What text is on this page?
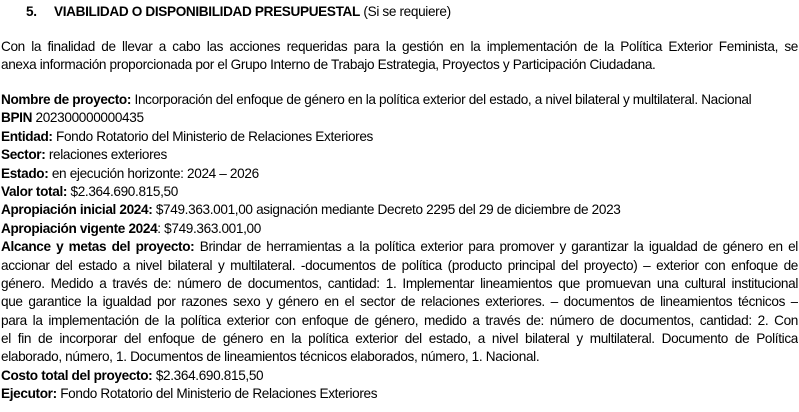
5. VIABILIDAD O DISPONIBILIDAD PRESUPUESTAL (Si se requiere)
Con la finalidad de llevar a cabo las acciones requeridas para la gestión en la implementación de la Política Exterior Feminista, se
anexa información proporcionada por el Grupo Interno de Trabajo Estrategia, Proyectos y Participación Ciudadana.
Nombre de proyecto: Incorporación del enfoque de género en la política exterior del estado, a nivel bilateral y multilateral. Nacional
BPIN 202300000000435
Entidad: Fondo Rotatorio del Ministerio de Relaciones Exteriores
Sector: relaciones exteriores
Estado: en ejecución horizonte: 2024 – 2026
Valor total: $2.364.690.815,50
Apropiación inicial 2024: $749.363.001,00 asignación mediante Decreto 2295 del 29 de diciembre de 2023
Apropiación vigente 2024: $749.363.001,00
Alcance y metas del proyecto: Brindar de herramientas a la política exterior para promover y garantizar la igualdad de género en el
accionar del estado a nivel bilateral y multilateral. -documentos de política (producto principal del proyecto) – exterior con enfoque de
género. Medido a través de: número de documentos, cantidad: 1. Implementar lineamientos que promuevan una cultural institucional
que garantice la igualdad por razones sexo y género en el sector de relaciones exteriores. – documentos de lineamientos técnicos –
para la implementación de la política exterior con enfoque de género, medido a través de: número de documentos, cantidad: 2. Con
el fin de incorporar del enfoque de género en la política exterior del estado, a nivel bilateral y multilateral. Documento de Política
elaborado, número, 1. Documentos de lineamientos técnicos elaborados, número, 1. Nacional.
Costo total del proyecto: $2.364.690.815,50
Ejecutor: Fondo Rotatorio del Ministerio de Relaciones Exteriores
